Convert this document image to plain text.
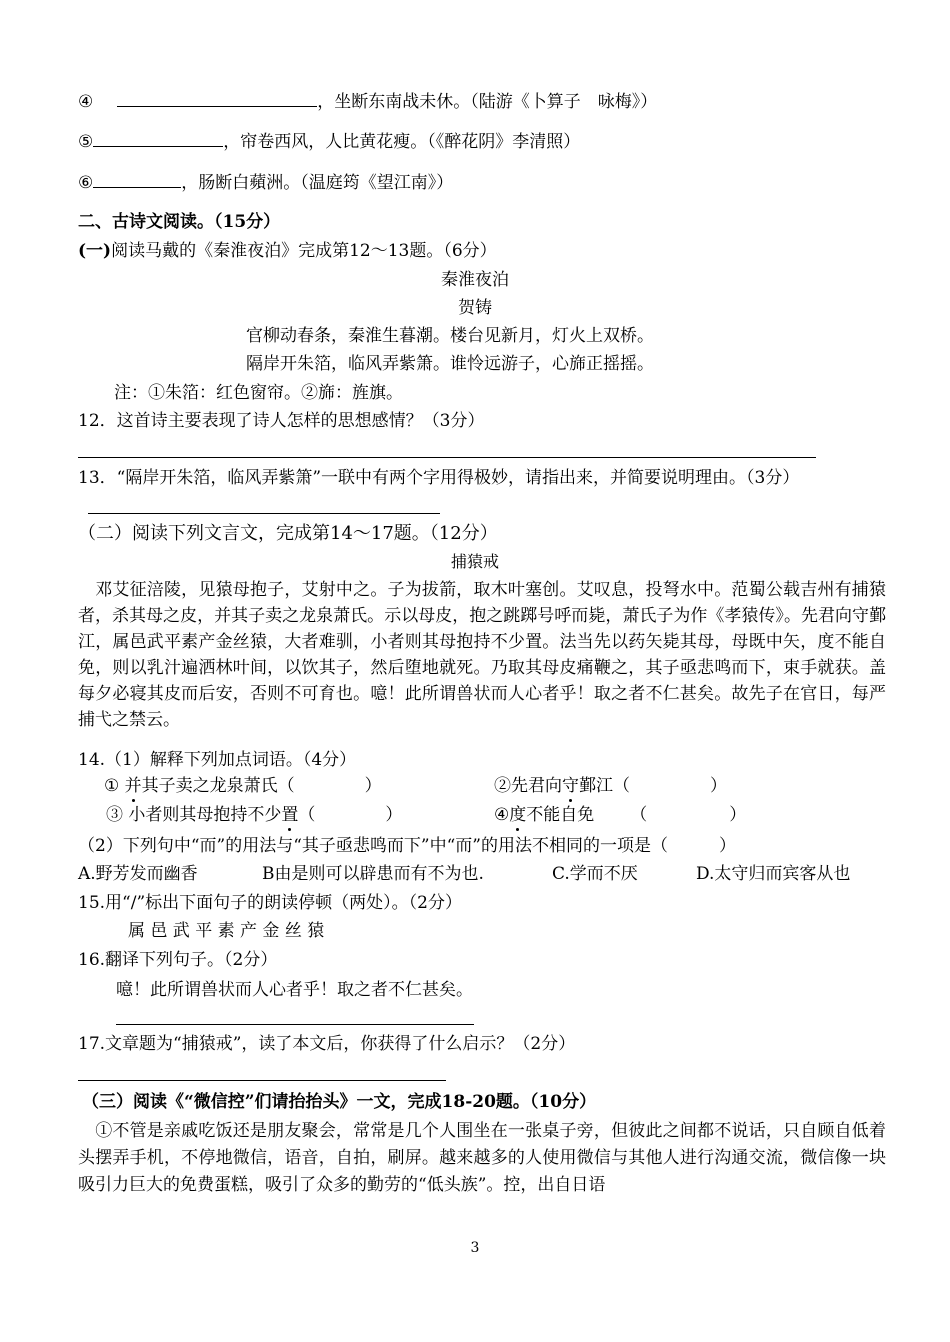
④	，坐断东南战未休。（陆游《卜算子　咏梅》）
⑤	，帘卷西风，人比黄花瘦。（《醉花阴》李清照）
⑥	，肠断白蘋洲。（温庭筠《望江南》）
二、古诗文阅读。（15分）
(一)阅读马戴的《秦淮夜泊》完成第12～13题。（6分）
秦淮夜泊
贺铸
官柳动春条，秦淮生暮潮。楼台见新月，灯火上双桥。
隔岸开朱箔，临风弄紫箫。谁怜远游子，心旆正摇摇。
注：①朱箔：红色窗帘。②旆：旌旗。
12．这首诗主要表现了诗人怎样的思想感情？（3分）
13．“隔岸开朱箔，临风弄紫箫”一联中有两个字用得极妙，请指出来，并简要说明理由。（3分）
（二）阅读下列文言文，完成第14～17题。（12分）
捕猿戒
邓艾征涪陵，见猿母抱子，艾射中之。子为拔箭，取木叶塞创。艾叹息，投弩水中。范蜀公载吉州有捕猿者，杀其母之皮，并其子卖之龙泉萧氏。示以母皮，抱之跳踯号呼而毙，萧氏子为作《孝猿传》。先君向守鄞江，属邑武平素产金丝猿，大者难驯，小者则其母抱持不少置。法当先以药矢毙其母，母既中矢，度不能自免，则以乳汁遍洒林叶间，以饮其子，然后堕地就死。乃取其母皮痛鞭之，其子亟悲鸣而下，束手就获。盖每夕必寝其皮而后安，否则不可育也。噫！此所谓兽状而人心者乎！取之者不仁甚矣。故先子在官日，每严捕弋之禁云。
14.（1）解释下列加点词语。（4分）
① 并其子卖之龙泉萧氏（	）	②先君向守鄞江（	）
③ 小者则其母抱持不少置（	）	④度不能自免 （	）
（2）下列句中“而”的用法与“其子亟悲鸣而下”中“而”的用法不相同的一项是（　　　）
A.野芳发而幽香	B由是则可以辟患而有不为也.	C.学而不厌	D.太守归而宾客从也
15.用“/”标出下面句子的朗读停顿（两处）。（2分）
属 邑 武 平 素 产 金 丝 猿
16.翻译下列句子。（2分）
噫！此所谓兽状而人心者乎！取之者不仁甚矣。
17.文章题为“捕猿戒”，读了本文后，你获得了什么启示？（2分）
（三）阅读《“微信控”们请抬抬头》一文，完成18-20题。（10分）
①不管是亲戚吃饭还是朋友聚会，常常是几个人围坐在一张桌子旁，但彼此之间都不说话，只自顾自低着头摆弄手机，不停地微信，语音，自拍，刷屏。越来越多的人使用微信与其他人进行沟通交流，微信像一块吸引力巨大的免费蛋糕，吸引了众多的勤劳的“低头族”。控，出自日语
3
